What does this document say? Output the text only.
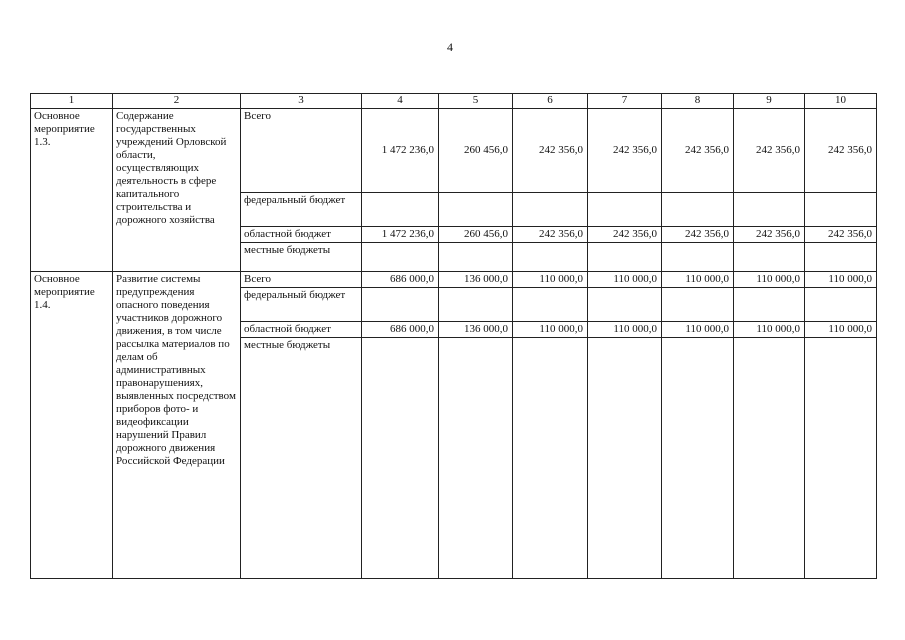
4
1	2	3	4	5	6	7	8	9	10
Основное мероприятие 1.3.	Содержание государственных учреждений Орловской области, осуществляющих деятельность в сфере капитального строительства и дорожного хозяйства	Всего	1 472 236,0	260 456,0	242 356,0	242 356,0	242 356,0	242 356,0	242 356,0
		федеральный бюджет							
		областной бюджет	1 472 236,0	260 456,0	242 356,0	242 356,0	242 356,0	242 356,0	242 356,0
		местные бюджеты							
Основное мероприятие 1.4.	Развитие системы предупреждения опасного поведения участников дорожного движения, в том числе рассылка материалов по делам об административных правонарушениях, выявленных посредством приборов фото- и видеофиксации нарушений Правил дорожного движения Российской Федерации	Всего	686 000,0	136 000,0	110 000,0	110 000,0	110 000,0	110 000,0	110 000,0
		федеральный бюджет							
		областной бюджет	686 000,0	136 000,0	110 000,0	110 000,0	110 000,0	110 000,0	110 000,0
		местные бюджеты							
